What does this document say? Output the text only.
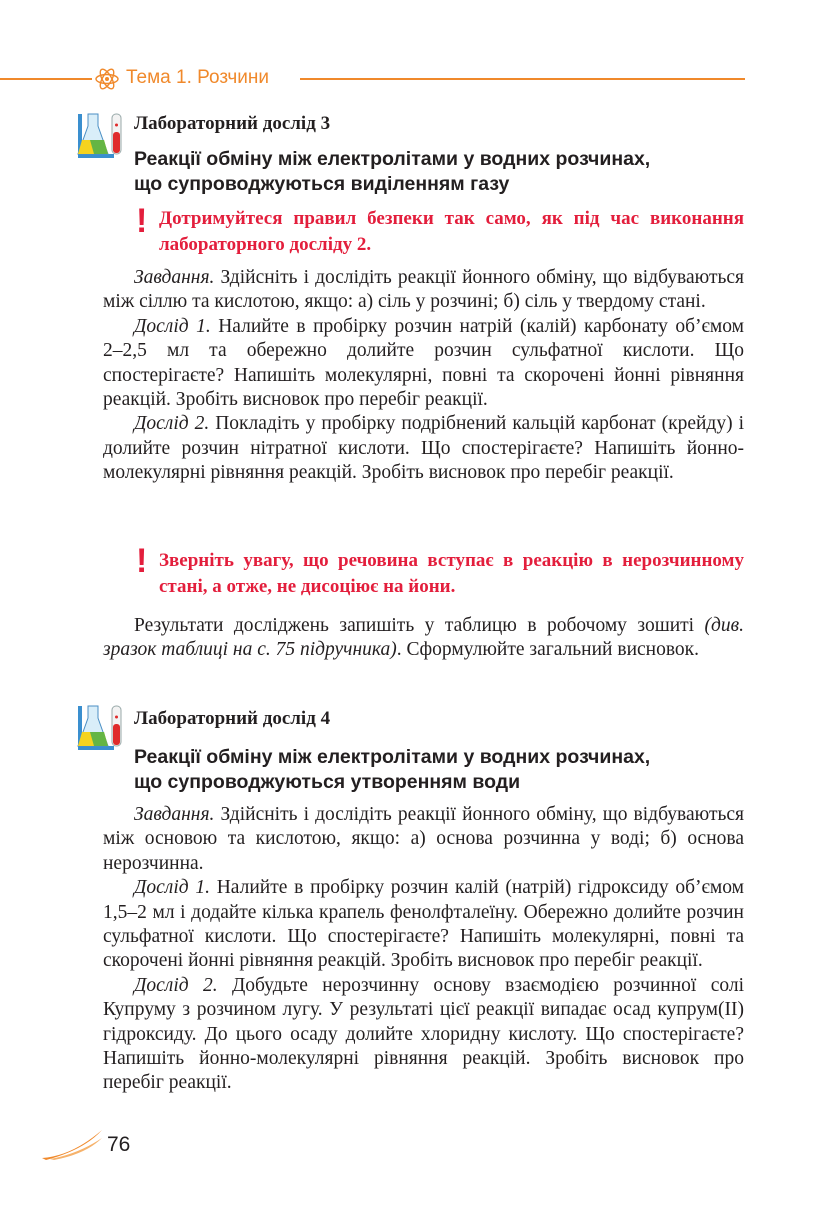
Тема 1. Розчини
Лабораторний дослід 3
Реакції обміну між електролітами у водних розчинах,
що супроводжуються виділенням газу
! Дотримуйтеся правил безпеки так само, як під час виконання лабораторного досліду 2.

Завдання. Здійсніть і дослідіть реакції йонного обміну, що відбуваються між сіллю та кислотою, якщо: а) сіль у розчині; б) сіль у твердому стані.

Дослід 1. Налийте в пробірку розчин натрій (калій) карбонату об’ємом 2–2,5 мл та обережно долийте розчин сульфатної кислоти. Що спостерігаєте? Напишіть молекулярні, повні та скорочені йонні рівняння реакцій. Зробіть висновок про перебіг реакції.

Дослід 2. Покладіть у пробірку подрібнений кальцій карбонат (крейду) і долийте розчин нітратної кислоти. Що спостерігаєте? Напишіть йонно-молекулярні рівняння реакцій. Зробіть висновок про перебіг реакції.

! Зверніть увагу, що речовина вступає в реакцію в нерозчинному стані, а отже, не дисоціює на йони.

Результати досліджень запишіть у таблицю в робочому зошиті (див. зразок таблиці на с. 75 підручника). Сформулюйте загальний висновок.

Лабораторний дослід 4
Реакції обміну між електролітами у водних розчинах,
що супроводжуються утворенням води

Завдання. Здійсніть і дослідіть реакції йонного обміну, що відбуваються між основою та кислотою, якщо: а) основа розчинна у воді; б) основа нерозчинна.

Дослід 1. Налийте в пробірку розчин калій (натрій) гідроксиду об’ємом 1,5–2 мл і додайте кілька крапель фенолфталеїну. Обережно долийте розчин сульфатної кислоти. Що спостерігаєте? Напишіть молекулярні, повні та скорочені йонні рівняння реакцій. Зробіть висновок про перебіг реакції.

Дослід 2. Добудьте нерозчинну основу взаємодією розчинної солі Купруму з розчином лугу. У результаті цієї реакції випадає осад купрум(II) гідроксиду. До цього осаду долийте хлоридну кислоту. Що спостерігаєте? Напишіть йонно-молекулярні рівняння реакцій. Зробіть висновок про перебіг реакції.

76
